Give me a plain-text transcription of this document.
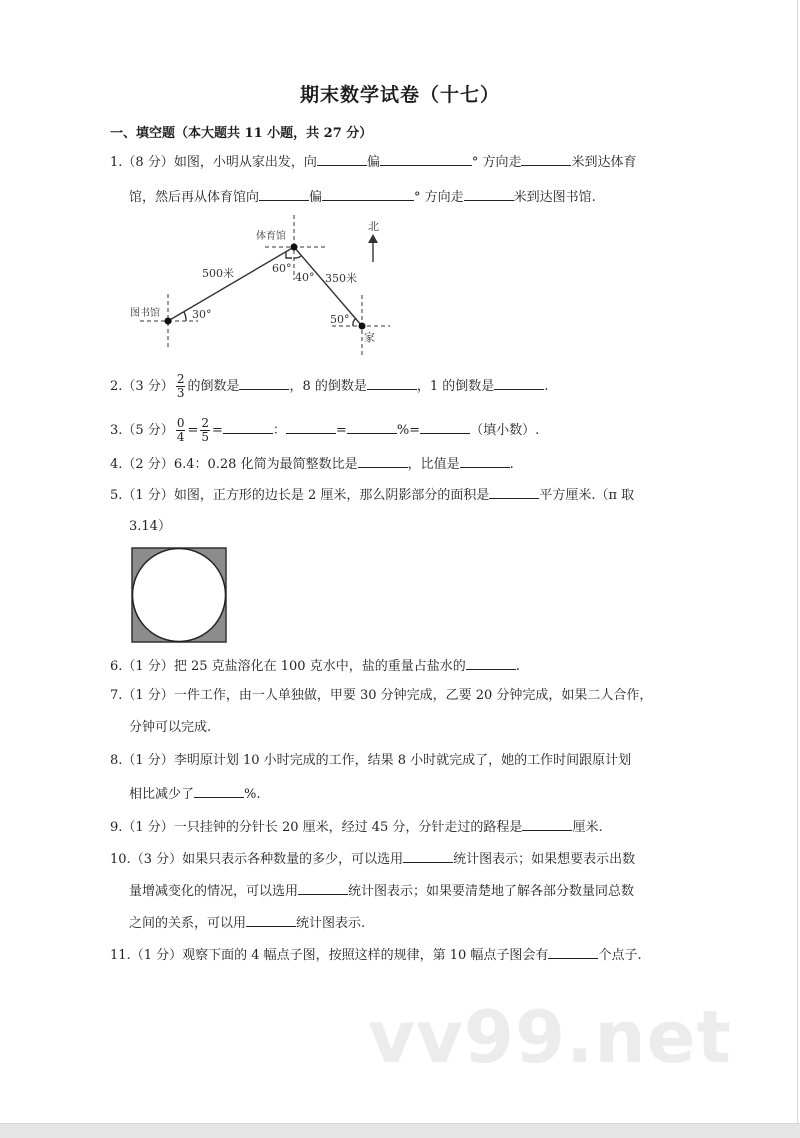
期末数学试卷（十七）
一、填空题（本大题共 11 小题，共 27 分）
1.（8 分）如图，小明从家出发，向	偏	° 方向走	米到达体育
馆，然后再从体育馆向	偏	° 方向走	米到达图书馆.
北
体育馆
图书馆
家
500米	350米
30°
60°
40°
50°
2.（3 分） $\frac{2}{3}$ 的倒数是	，8 的倒数是	，1 的倒数是	.
3.（5 分） $\frac{0}{4} = \frac{2}{5}$ =	：	=	%=	（填小数）.
4.（2 分）6.4：0.28 化简为最简整数比是	，比值是	.
5.（1 分）如图，正方形的边长是 2 厘米，那么阴影部分的面积是	平方厘米.（π 取
3.14）
6.（1 分）把 25 克盐溶化在 100 克水中，盐的重量占盐水的	.
7.（1 分）一件工作，由一人单独做，甲要 30 分钟完成，乙要 20 分钟完成，如果二人合作，
分钟可以完成.
8.（1 分）李明原计划 10 小时完成的工作，结果 8 小时就完成了，她的工作时间跟原计划
相比减少了	%.
9.（1 分）一只挂钟的分针长 20 厘米，经过 45 分，分针走过的路程是	厘米.
10.（3 分）如果只表示各种数量的多少，可以选用	统计图表示；如果想要表示出数
量增减变化的情况，可以选用	统计图表示；如果要清楚地了解各部分数量同总数
之间的关系，可以用	统计图表示.
11.（1 分）观察下面的 4 幅点子图，按照这样的规律，第 10 幅点子图会有	个点子.
vv99.net
